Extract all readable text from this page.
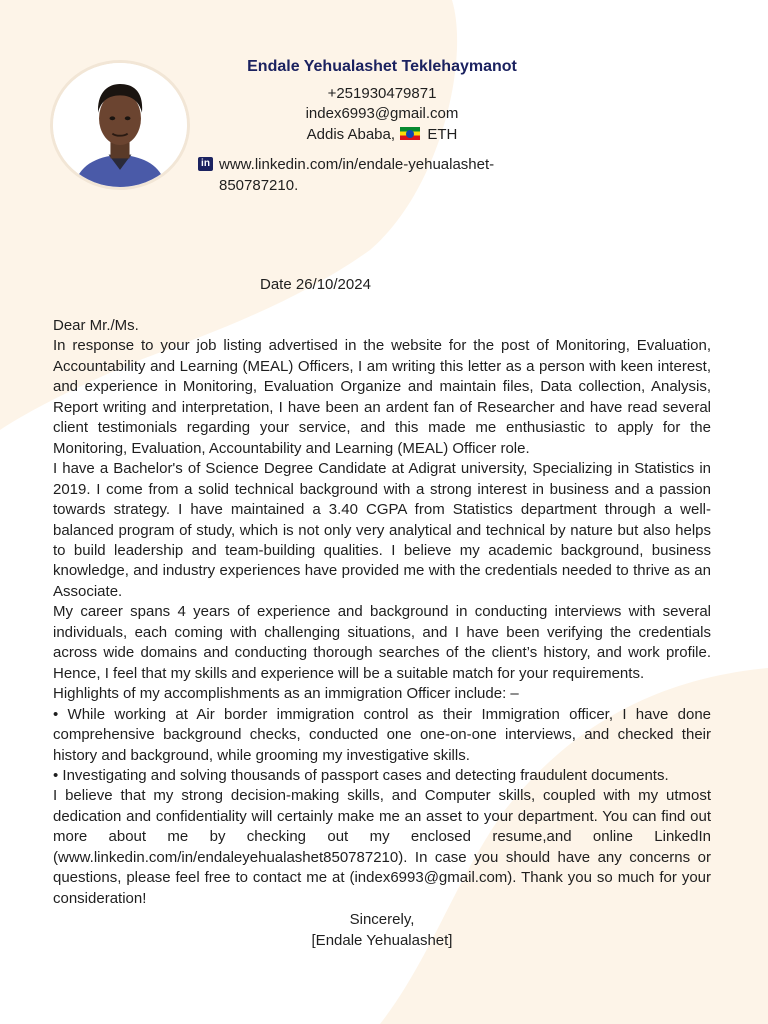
Endale Yehualashet Teklehaymanot
+251930479871
index6993@gmail.com
Addis Ababa, ETH
in www.linkedin.com/in/endale-yehualashet-850787210.
Date 26/10/2024

Dear Mr./Ms.

In response to your job listing advertised in the website for the post of Monitoring, Evaluation, Accountability and Learning (MEAL) Officers, I am writing this letter as a person with keen interest, and experience in Monitoring, Evaluation Organize and maintain files, Data collection, Analysis, Report writing and interpretation, I have been an ardent fan of Researcher and have read several client testimonials regarding your service, and this made me enthusiastic to apply for the Monitoring, Evaluation, Accountability and Learning (MEAL) Officer role.

I have a Bachelor's of Science Degree Candidate at Adigrat university, Specializing in Statistics in 2019. I come from a solid technical background with a strong interest in business and a passion towards strategy. I have maintained a 3.40 CGPA from Statistics department through a well-balanced program of study, which is not only very analytical and technical by nature but also helps to build leadership and team-building qualities. I believe my academic background, business knowledge, and industry experiences have provided me with the credentials needed to thrive as an Associate.

My career spans 4 years of experience and background in conducting interviews with several individuals, each coming with challenging situations, and I have been verifying the credentials across wide domains and conducting thorough searches of the client’s history, and work profile. Hence, I feel that my skills and experience will be a suitable match for your requirements.

Highlights of my accomplishments as an immigration Officer include: –

• While working at Air border immigration control as their Immigration officer, I have done comprehensive background checks, conducted one one-on-one interviews, and checked their history and background, while grooming my investigative skills.

• Investigating and solving thousands of passport cases and detecting fraudulent documents.

I believe that my strong decision-making skills, and Computer skills, coupled with my utmost dedication and confidentiality will certainly make me an asset to your department. You can find out more about me by checking out my enclosed resume,and online LinkedIn (www.linkedin.com/in/endaleyehualashet850787210). In case you should have any concerns or questions, please feel free to contact me at (index6993@gmail.com). Thank you so much for your consideration!

Sincerely,
[Endale Yehualashet]
